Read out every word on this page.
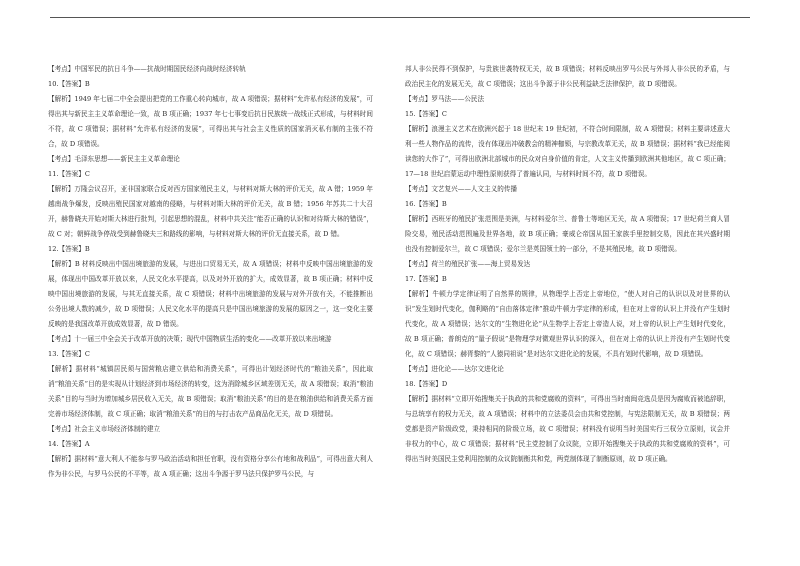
【考点】中国军民的抗日斗争——抗战时期国民经济向战时经济转轨

10.【答案】B

【解析】1949 年七届二中全会提出把党的工作重心转向城市，故 A 项错误；据材料“允许私有经济的发展”，可得出其与新民主主义革命理论一致，故 B 项正确；1937 年七七事变后抗日民族统一战线正式形成，与材料时间不符，故 C 项错误；据材料“允许私有经济的发展”，可得出其与社会主义性质的国家消灭私有制的主张不符合，故 D 项错误。

【考点】毛泽东思想——新民主主义革命理论

11.【答案】C

【解析】万隆会议召开，亚非国家联合反对西方国家殖民主义，与材料对斯大林的评价无关，故 A 错；1959 年越南战争爆发，反映出殖民国家对越南的侵略，与材料对斯大林的评价无关，故 B 错；1956 年苏共二十大召开，赫鲁晓夫开始对斯大林进行批判，引起思想的混乱，材料中共关注“能否正确的认识和对待斯大林的错误”，故 C 对；朝鲜战争停战受到赫鲁晓夫三和路线的影响，与材料对斯大林的评价无直接关系，故 D 错。

12.【答案】B

【解析】B 材料反映出中国出境旅游的发展，与进出口贸易无关，故 A 项错误；材料中反映中国出境旅游的发展，体现出中国改革开放以来，人民文化水平提高，以及对外开放的扩大，成效显著，故 B 项正确；材料中反映中国出境旅游的发展，与其无直接关系，故 C 项错误；材料中出境旅游的发展与对外开放有关，不能推断出公务出境人数的减少，故 D 项错误；人民文化水平的提高只是中国出境旅游的发展的原因之一，这一变化主要反映的是我国改革开放成效显著，故 D 错误。

【考点】十一届三中全会关于改革开放的决策；现代中国物质生活的变化——改革开放以来出境游

13.【答案】C

【解析】据材料“城镇居民须与国营粮店建立供给和消费关系”，可得出计划经济时代的“粮油关系”，因此取消“粮油关系”目的是实现从计划经济到市场经济的转变，这为消除城乡区域差别无关，故 A 项错误；取消“粮油关系”目的与当时为增加城乡居民收入无关，故 B 项错误；取消“粮油关系”的目的是在粮油供给和消费关系方面完善市场经济体制，故 C 项正确；取消“粮油关系”的目的与打击农产品商品化无关，故 D 项错误。

【考点】社会主义市场经济体制的建立

14.【答案】A

【解析】据材料“意大利人不能参与罗马政治活动和担任官职，没有资格分享公有地和战利品”，可得出意大利人作为非公民，与罗马公民的不平等，故 A 项正确；这出斗争源于罗马法只保护罗马公民，与

邦人非公民得不到保护，与贵族世袭特权无关，故 B 项错误；材料反映出罗马公民与外邦人非公民的矛盾，与政治民主化的发展无关，故 C 项错误；这出斗争源于非公民利益缺乏法律保护，故 D 项错误。

【考点】罗马法——公民法

15.【答案】C

【解析】浪漫主义艺术在欧洲兴起于 18 世纪末 19 世纪初，不符合时间限制，故 A 项错误；材料主要讲述意大利一些人物作品的流传，没有体现出冲破教会的精神枷锁，与宗教改革无关，故 B 项错误；据材料“我已经能阅读您的大作了”，可得出欧洲北部城市的民众对自身价值的肯定，人文主义传播到欧洲其他地区，故 C 项正确；17—18 世纪启蒙运动中理性原则获得了普遍认同，与材料时间不符，故 D 项错误。

【考点】文艺复兴——人文主义的传播

16.【答案】B

【解析】西班牙的殖民扩张范围是美洲，与材料爱尔兰、普鲁士等地区无关，故 A 项错误；17 世纪荷兰商人冒险交易，殖民活动范围遍及世界各地，故 B 项正确；豪威仑帝国从国王家族手里控制交易，因此在其兴盛时期也没有控制爱尔兰，故 C 项错误；爱尔兰是英国领土的一部分，不是其殖民地，故 D 项错误。

【考点】荷兰的殖民扩张——海上贸易发达

17.【答案】B

【解析】牛顿力学定律证明了自然界的规律，从物理学上否定上帝地位，“使人对自己的认识以及对世界的认识”发生划时代变化，伽利略的“自由落体定律”推动牛顿力学定律的形成，但在对上帝的认识上并没有产生划时代变化，故 A 项错误；达尔文的“生物进化论”从生物学上否定上帝造人说，对上帝的认识上产生划时代变化，故 B 项正确；普朗克的“量子假说”是物理学对微观世界认识的深入，但在对上帝的认识上并没有产生划时代变化，故 C 项错误；赫胥黎的“人猿同祖说”是对达尔文进化论的发展，不具有划时代影响，故 D 项错误。

【考点】进化论——达尔文进化论

18.【答案】D

【解析】据材料“立即开始搜集关于执政的共和党腐败的资料”，可得出当时南闽竞选员是因为腐败而被追辞职，与总统享有的权力无关，故 A 项错误；材料中的立法委员会由共和党控制，与宪法限制无关，故 B 项错误；两党都是资产阶级政党，秉持相同的阶级立场，故 C 项错误；材料没有说明当时美国实行三权分立原则，议会并非权力的中心，故 C 项错误；据材料“民主党控制了众议院，立即开始搜集关于执政的共和党腐败的资料”，可得出当时美国民主党利用控制的众议院制衡共和党，两党制体现了制衡原则，故 D 项正确。
